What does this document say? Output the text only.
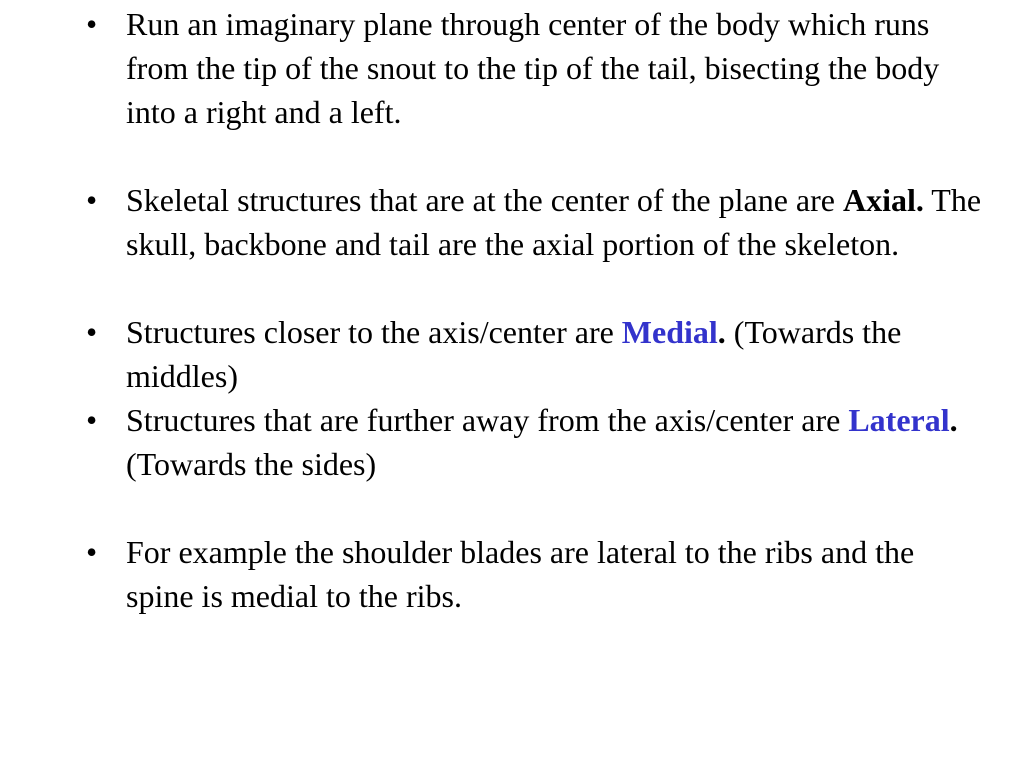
• Run an imaginary plane through center of the body which runs from the tip of the snout to the tip of the tail, bisecting the body into a right and a left.
• Skeletal structures that are at the center of the plane are Axial. The skull, backbone and tail are the axial portion of the skeleton.
• Structures closer to the axis/center are Medial. (Towards the middles)
• Structures that are further away from the axis/center are Lateral. (Towards the sides)
• For example the shoulder blades are lateral to the ribs and the spine is medial to the ribs.
